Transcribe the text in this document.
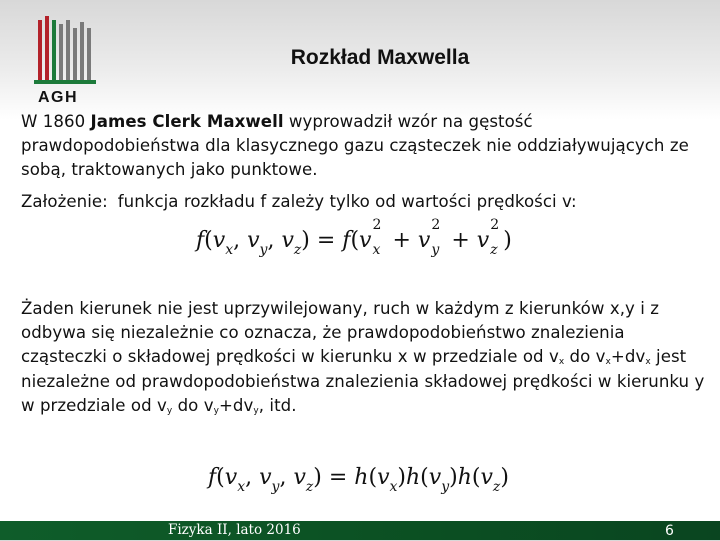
AGH
Rozkład Maxwella
W 1860 James Clerk Maxwell wyprowadził wzór na gęstość prawdopodobieństwa dla klasycznego gazu cząsteczek nie oddziaływujących ze sobą, traktowanych jako punktowe.
Założenie: funkcja rozkładu f zależy tylko od wartości prędkości v:
$f(v_x$, $v_y$, $v_z) = f(v$
2
x + v
2
y + v
2
z )
Żaden kierunek nie jest uprzywilejowany, ruch w każdym z kierunków x,y i z odbywa się niezależnie co oznacza, że prawdopodobieństwo znalezienia cząsteczki o składowej prędkości w kierunku x w przedziale od $v_x$ do $v_x+dv_x$ jest niezależne od prawdopodobieństwa znalezienia składowej prędkości w kierunku y w przedziale od $v_y$ do $v_y+dv_y$, itd.
$f(v_x$, $v_y$, $v_z) = h(v_x)h(v_y)h(v_z)$
Fizyka II, lato 2016	6
